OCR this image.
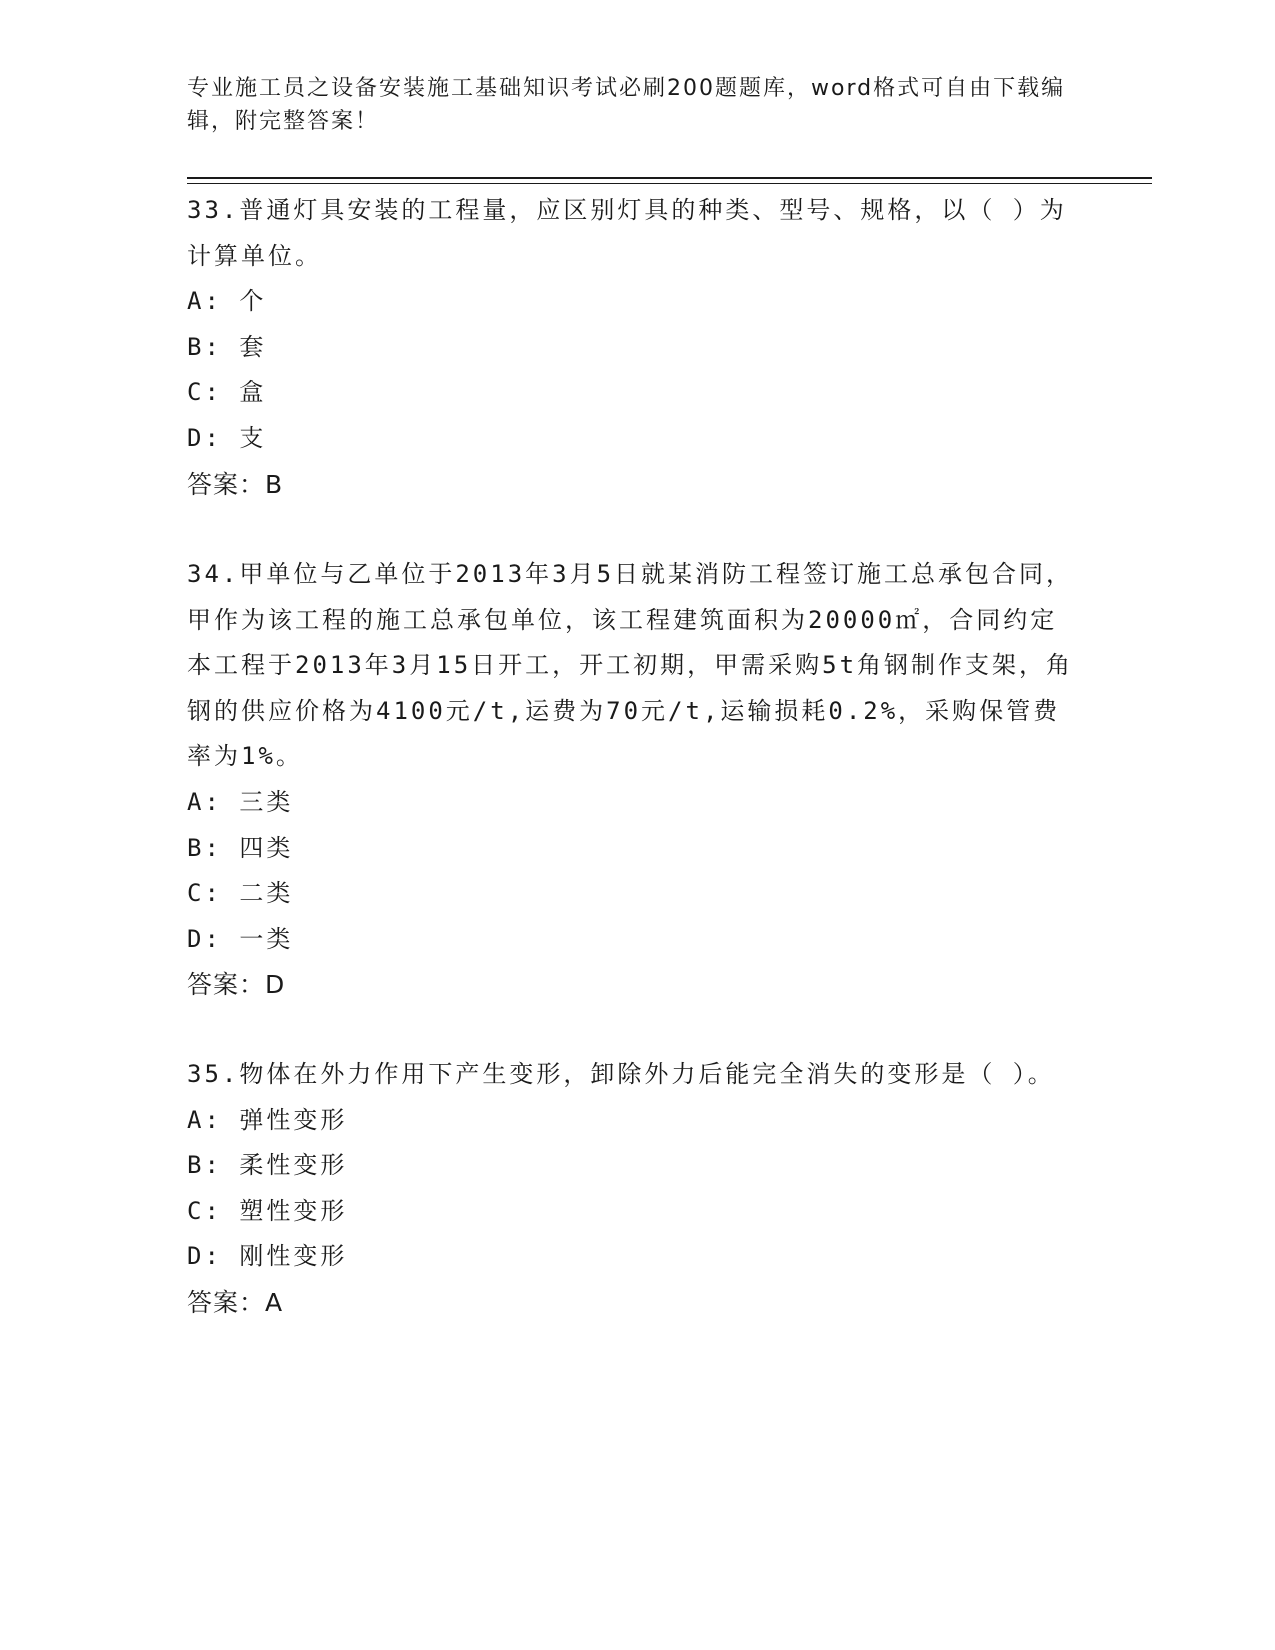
专业施工员之设备安装施工基础知识考试必刷200题题库，word格式可自由下载编辑，附完整答案！

33.普通灯具安装的工程量，应区别灯具的种类、型号、规格，以（ ）为计算单位。

A: 个

B: 套

C: 盒

D: 支

答案：B

34.甲单位与乙单位于2013年3月5日就某消防工程签订施工总承包合同，甲作为该工程的施工总承包单位，该工程建筑面积为20000㎡，合同约定本工程于2013年3月15日开工，开工初期，甲需采购5t角钢制作支架，角钢的供应价格为4100元/t,运费为70元/t,运输损耗0.2%，采购保管费率为1%。

A: 三类

B: 四类

C: 二类

D: 一类

答案：D

35.物体在外力作用下产生变形，卸除外力后能完全消失的变形是（ ）。

A: 弹性变形

B: 柔性变形

C: 塑性变形

D: 刚性变形

答案：A
